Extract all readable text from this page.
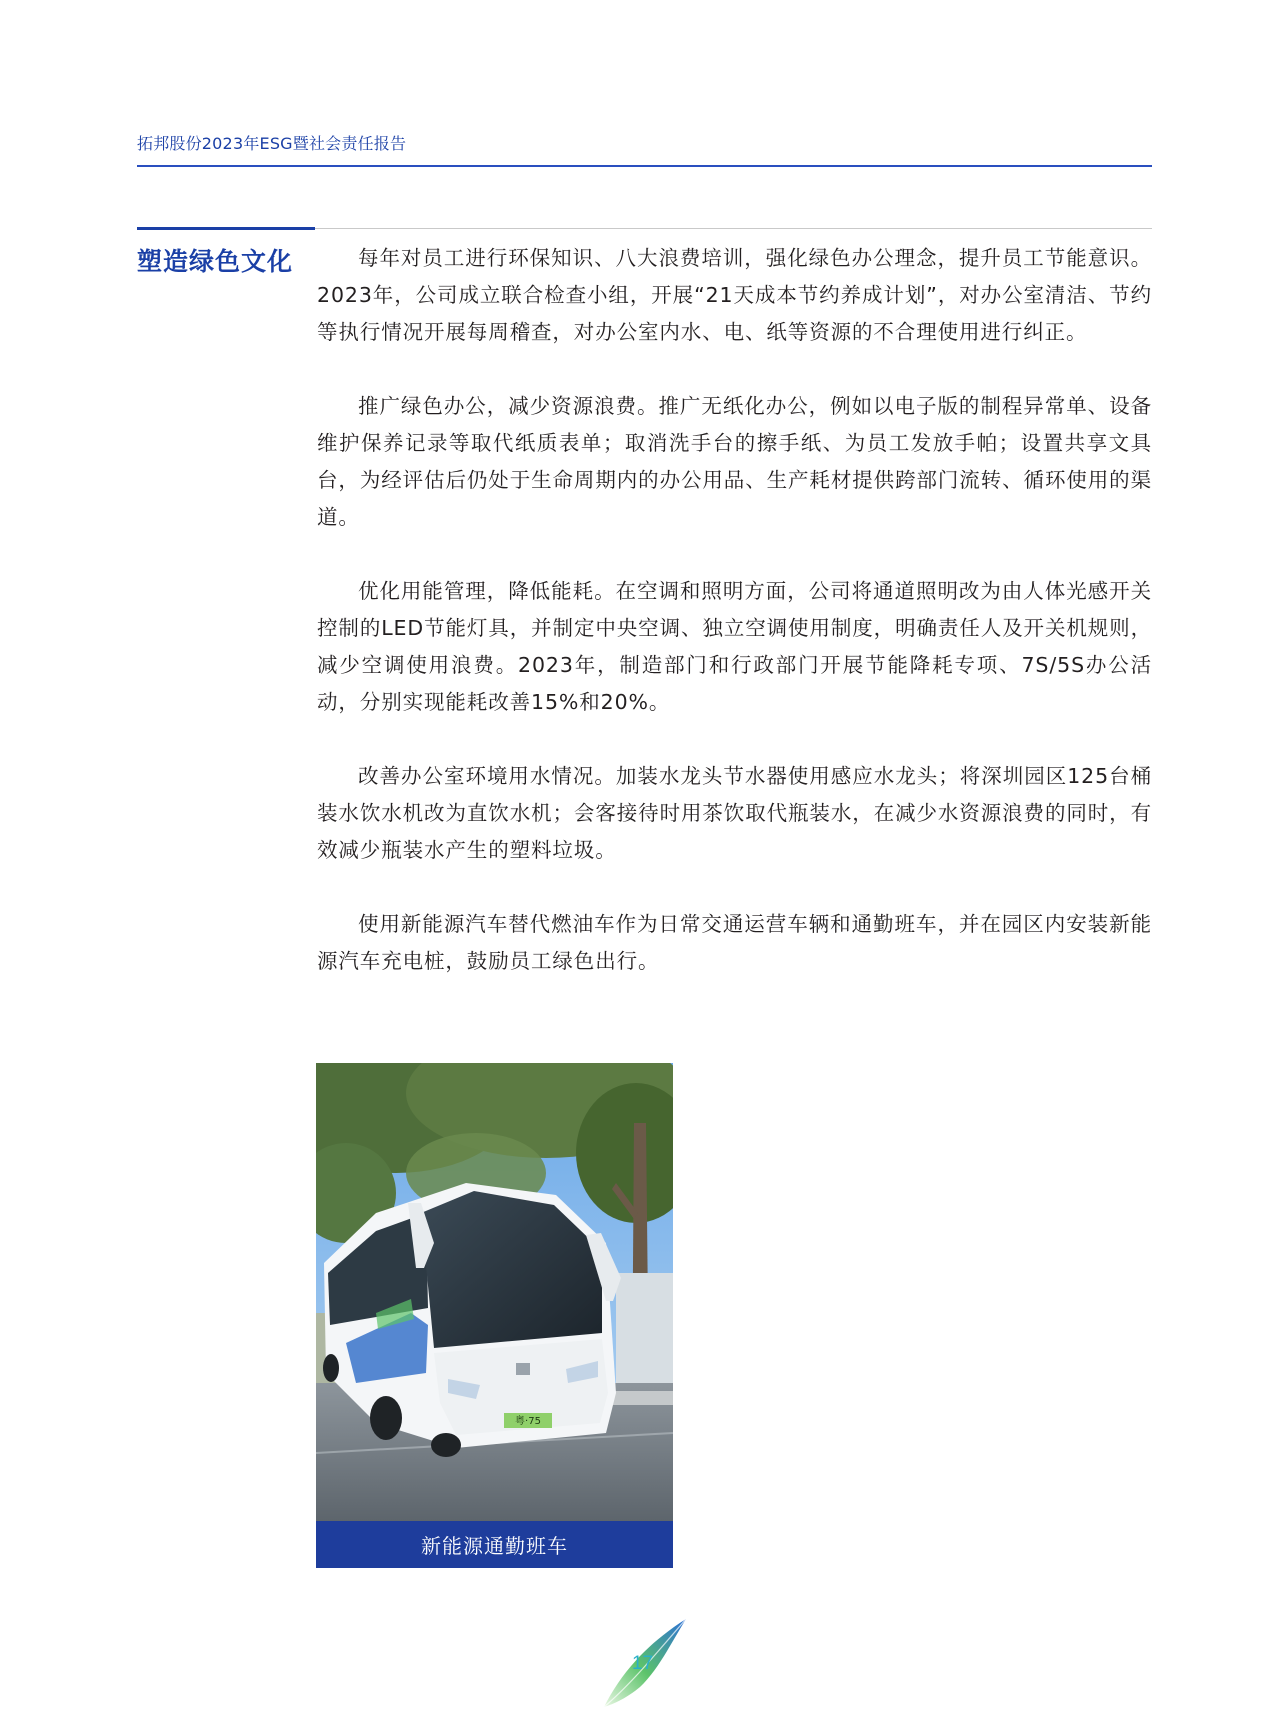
拓邦股份2023年ESG暨社会责任报告
塑造绿色文化	每年对员工进行环保知识、八大浪费培训，强化绿色办公理念，提升员工节能意识。2023年，公司成立联合检查小组，开展“21天成本节约养成计划”，对办公室清洁、节约等执行情况开展每周稽查，对办公室内水、电、纸等资源的不合理使用进行纠正。

推广绿色办公，减少资源浪费。推广无纸化办公，例如以电子版的制程异常单、设备维护保养记录等取代纸质表单；取消洗手台的擦手纸、为员工发放手帕；设置共享文具台，为经评估后仍处于生命周期内的办公用品、生产耗材提供跨部门流转、循环使用的渠道。

优化用能管理，降低能耗。在空调和照明方面，公司将通道照明改为由人体光感开关控制的LED节能灯具，并制定中央空调、独立空调使用制度，明确责任人及开关机规则，减少空调使用浪费。2023年，制造部门和行政部门开展节能降耗专项、7S/5S办公活动，分别实现能耗改善15%和20%。

改善办公室环境用水情况。加装水龙头节水器使用感应水龙头；将深圳园区125台桶装水饮水机改为直饮水机；会客接待时用茶饮取代瓶装水，在减少水资源浪费的同时，有效减少瓶装水产生的塑料垃圾。

使用新能源汽车替代燃油车作为日常交通运营车辆和通勤班车，并在园区内安装新能源汽车充电桩，鼓励员工绿色出行。

粤·75
新能源通勤班车
17
